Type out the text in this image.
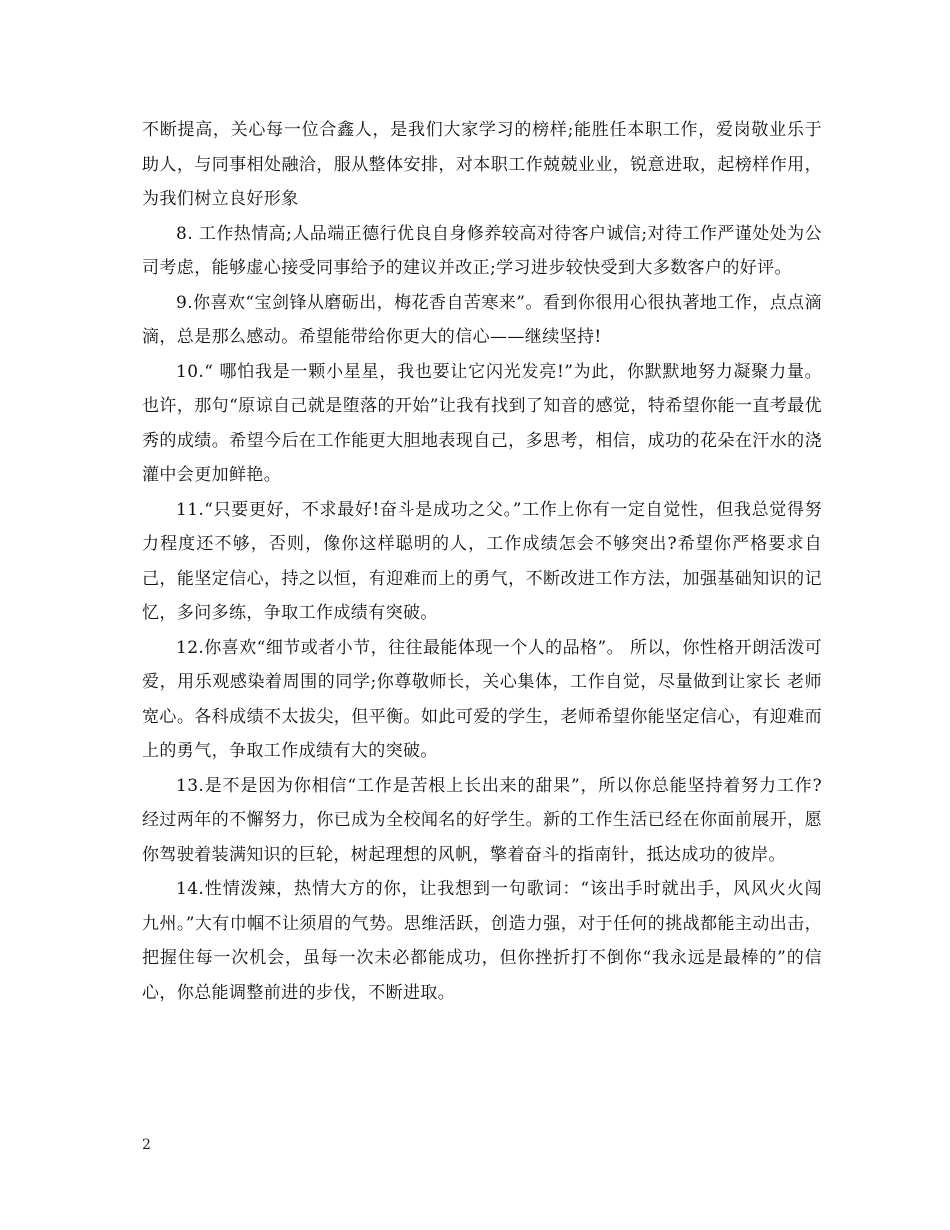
不断提高，关心每一位合鑫人，是我们大家学习的榜样;能胜任本职工作，爱岗敬业乐于助人，与同事相处融洽，服从整体安排，对本职工作兢兢业业，锐意进取，起榜样作用，为我们树立良好形象

8. 工作热情高;人品端正德行优良自身修养较高对待客户诚信;对待工作严谨处处为公司考虑，能够虚心接受同事给予的建议并改正;学习进步较快受到大多数客户的好评。

9.你喜欢“宝剑锋从磨砺出，梅花香自苦寒来”。看到你很用心很执著地工作，点点滴滴，总是那么感动。希望能带给你更大的信心——继续坚持!

10.“ 哪怕我是一颗小星星，我也要让它闪光发亮!”为此，你默默地努力凝聚力量。也许，那句“原谅自己就是堕落的开始”让我有找到了知音的感觉，特希望你能一直考最优秀的成绩。希望今后在工作能更大胆地表现自己，多思考，相信，成功的花朵在汗水的浇灌中会更加鲜艳。

11.“只要更好，不求最好!奋斗是成功之父。”工作上你有一定自觉性，但我总觉得努力程度还不够，否则，像你这样聪明的人，工作成绩怎会不够突出?希望你严格要求自己，能坚定信心，持之以恒，有迎难而上的勇气，不断改进工作方法，加强基础知识的记忆，多问多练，争取工作成绩有突破。

12.你喜欢“细节或者小节，往往最能体现一个人的品格”。 所以，你性格开朗活泼可爱，用乐观感染着周围的同学;你尊敬师长，关心集体，工作自觉，尽量做到让家长 老师宽心。各科成绩不太拔尖，但平衡。如此可爱的学生，老师希望你能坚定信心，有迎难而上的勇气，争取工作成绩有大的突破。

13.是不是因为你相信“工作是苦根上长出来的甜果”，所以你总能坚持着努力工作?经过两年的不懈努力，你已成为全校闻名的好学生。新的工作生活已经在你面前展开，愿你驾驶着装满知识的巨轮，树起理想的风帆，擎着奋斗的指南针，抵达成功的彼岸。

14.性情泼辣，热情大方的你，让我想到一句歌词：“该出手时就出手，风风火火闯九州。”大有巾帼不让须眉的气势。思维活跃，创造力强，对于任何的挑战都能主动出击，把握住每一次机会，虽每一次未必都能成功，但你挫折打不倒你“我永远是最棒的”的信心，你总能调整前进的步伐，不断进取。

2
